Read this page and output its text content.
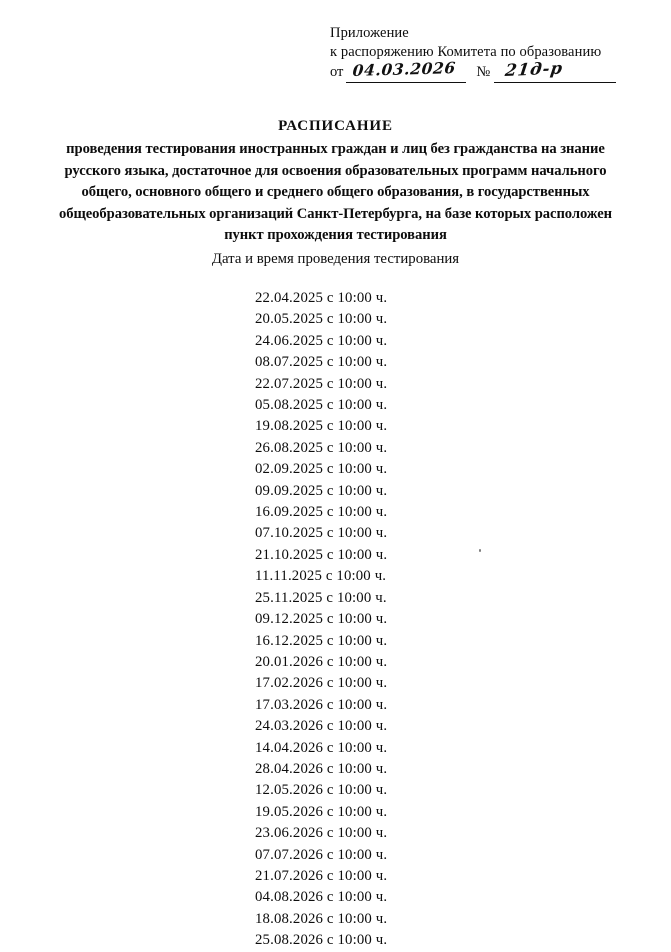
Приложение
к распоряжению Комитета по образованию
от 04.03.2026	№ 21д-р
РАСПИСАНИЕ
проведения тестирования иностранных граждан и лиц без гражданства на знание
русского языка, достаточное для освоения образовательных программ начального
общего, основного общего и среднего общего образования, в государственных
общеобразовательных организаций Санкт-Петербурга, на базе которых расположен
пункт прохождения тестирования
Дата и время проведения тестирования
22.04.2025 с 10:00 ч.
20.05.2025 с 10:00 ч.
24.06.2025 с 10:00 ч.
08.07.2025 с 10:00 ч.
22.07.2025 с 10:00 ч.
05.08.2025 с 10:00 ч.
19.08.2025 с 10:00 ч.
26.08.2025 с 10:00 ч.
02.09.2025 с 10:00 ч.
09.09.2025 с 10:00 ч.
16.09.2025 с 10:00 ч.
07.10.2025 с 10:00 ч.
21.10.2025 с 10:00 ч.
11.11.2025 с 10:00 ч.
25.11.2025 с 10:00 ч.
09.12.2025 с 10:00 ч.
16.12.2025 с 10:00 ч.
20.01.2026 с 10:00 ч.
17.02.2026 с 10:00 ч.
17.03.2026 с 10:00 ч.
24.03.2026 с 10:00 ч.
14.04.2026 с 10:00 ч.
28.04.2026 с 10:00 ч.
12.05.2026 с 10:00 ч.
19.05.2026 с 10:00 ч.
23.06.2026 с 10:00 ч.
07.07.2026 с 10:00 ч.
21.07.2026 с 10:00 ч.
04.08.2026 с 10:00 ч.
18.08.2026 с 10:00 ч.
25.08.2026 с 10:00 ч.
